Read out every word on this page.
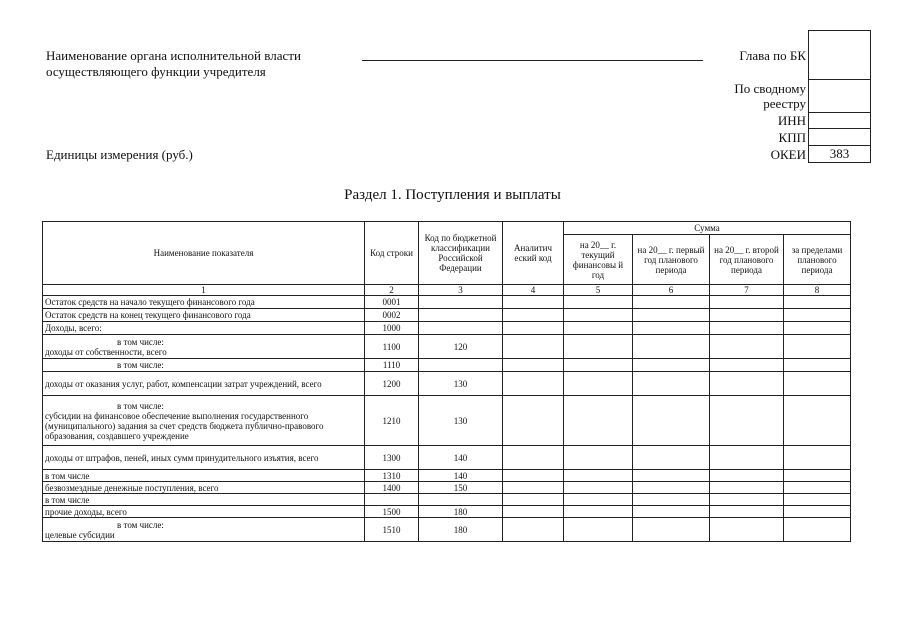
Наименование органа исполнительной власти
осуществляющего функции учредителя
Единицы измерения (руб.)
Глава по БК
По сводному
реестру
ИНН
КПП
ОКЕИ	383
Раздел 1. Поступления и выплаты
Наименование показателя	Код строки	Код по бюджетной классификации Российской Федерации	Аналитич еский код	Сумма			
				на 20__ г. текущий финансовы й год	на 20__ г. первый год планового периода	на 20__ г. второй год планового периода	за пределами планового периода
1	2	3	4	5	6	7	8
Остаток средств на начало текущего финансового года	0001						
Остаток средств на конец текущего финансового года	0002						
Доходы, всего:	1000						

в том числе:
доходы от собственности, всего	1100	120					

в том числе:	1110						
доходы от оказания услуг, работ, компенсации затрат учреждений, всего	1200	130					

в том числе:
субсидии на финансовое обеспечение выполнения государственного (муниципального) задания за счет средств бюджета публично-правового образования, создавшего учреждение	1210	130					
доходы от штрафов, пеней, иных сумм принудительного изъятия, всего	1300	140					
в том числе	1310	140					
безвозмездные денежные поступления, всего	1400	150					
в том числе							
прочие доходы, всего	1500	180					

в том числе:
целевые субсидии	1510	180					
